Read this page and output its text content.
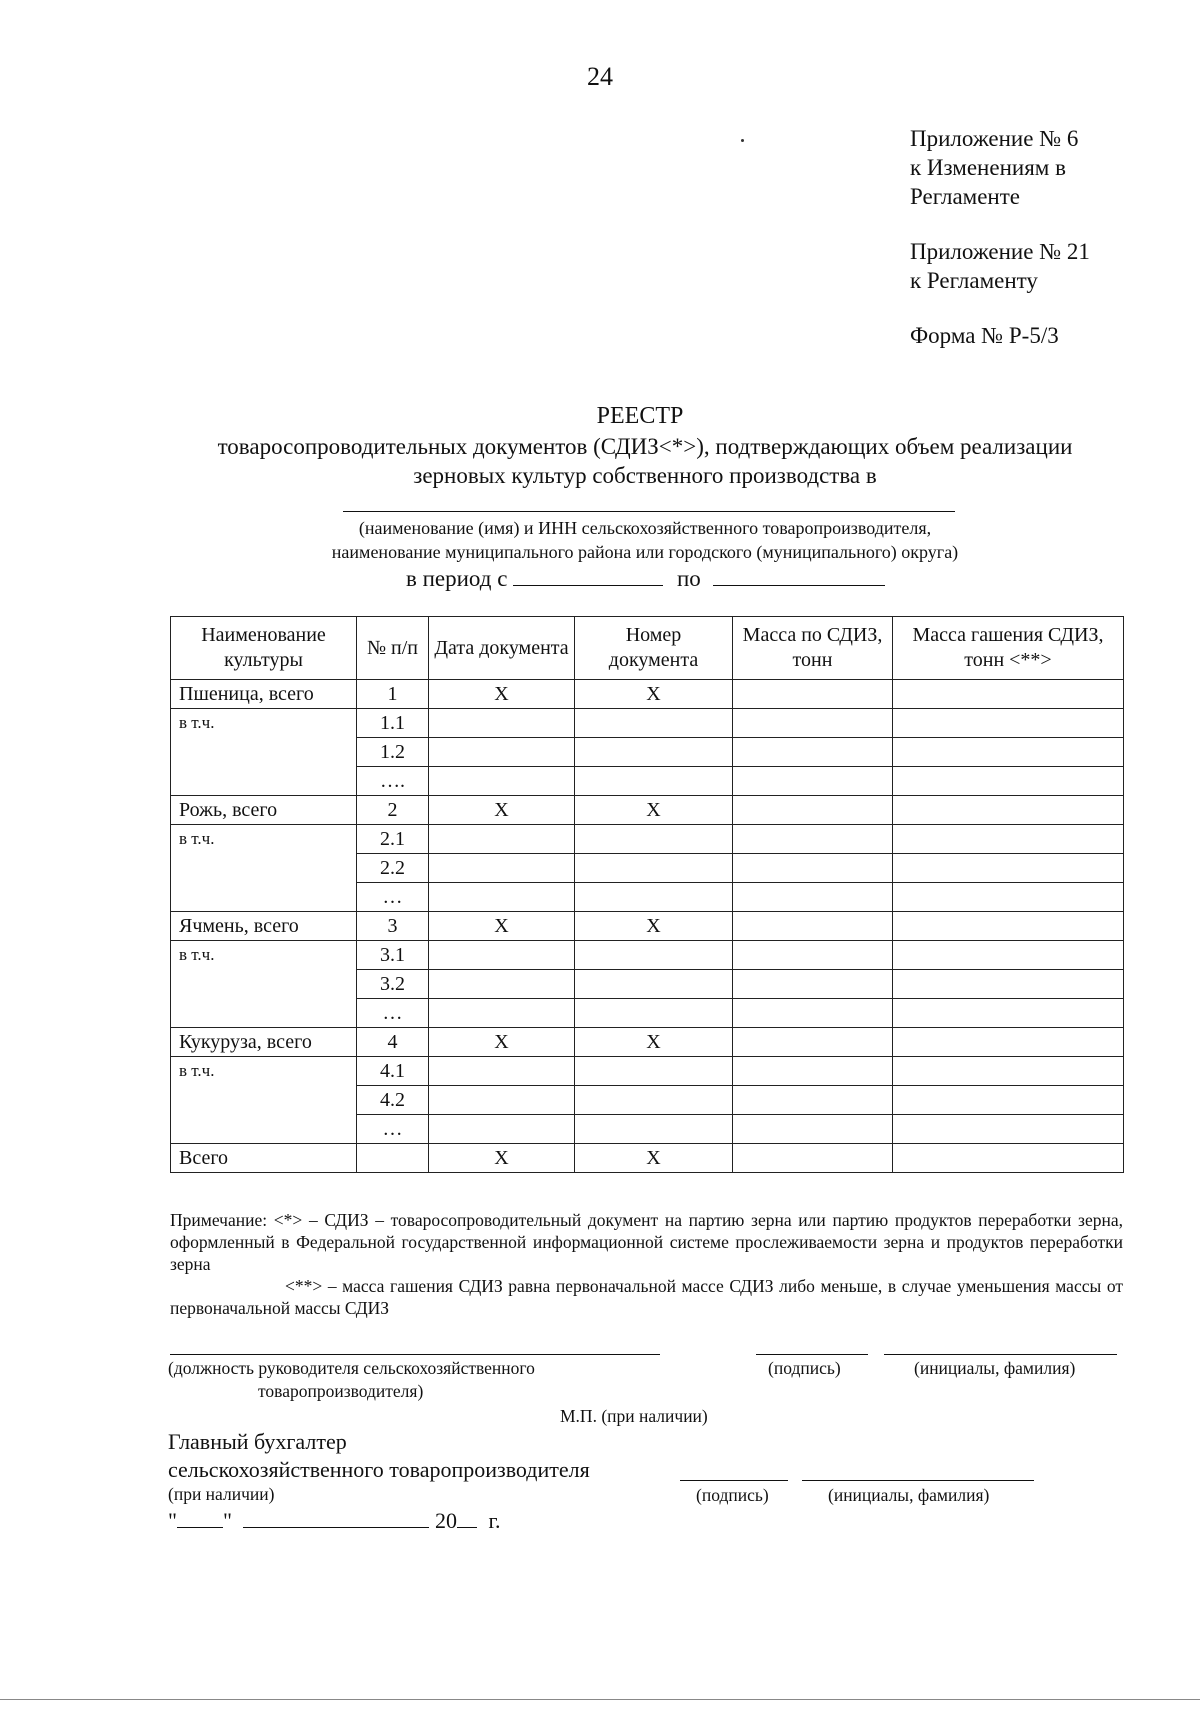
24
Приложение № 6
к Изменениям в
Регламенте
Приложение № 21
к Регламенту
Форма № Р-5/3
РЕЕСТР
товаросопроводительных документов (СДИЗ<*>), подтверждающих объем реализации зерновых культур собственного производства в
(наименование (имя) и ИНН сельскохозяйственного товаропроизводителя,
наименование муниципального района или городского (муниципального) округа)
в период с	по
Наименование культуры	№ п/п	Дата документа	Номер документа	Масса по СДИЗ, тонн	Масса гашения СДИЗ, тонн <**>
Пшеница, всего	1	X	X		
в т.ч.	1.1				
	1.2				
	….				
Рожь, всего	2	X	X		
в т.ч.	2.1				
	2.2				
	…				
Ячмень, всего	3	X	X		
в т.ч.	3.1				
	3.2				
	…				
Кукуруза, всего	4	X	X		
в т.ч.	4.1				
	4.2				
	…				
Всего		X	X		

Примечание: <*> – СДИЗ – товаросопроводительный документ на партию зерна или партию продуктов переработки зерна, оформленный в Федеральной государственной информационной системе прослеживаемости зерна и продуктов переработки зерна

<**> – масса гашения СДИЗ равна первоначальной массе СДИЗ либо меньше, в случае уменьшения массы от первоначальной массы СДИЗ

(должность руководителя сельскохозяйственного
товаропроизводителя)
(подпись)	(инициалы, фамилия)
М.П. (при наличии)
Главный бухгалтер
сельскохозяйственного товаропроизводителя
(при наличии)	(подпись)	(инициалы, фамилия)
" "	20 г.
